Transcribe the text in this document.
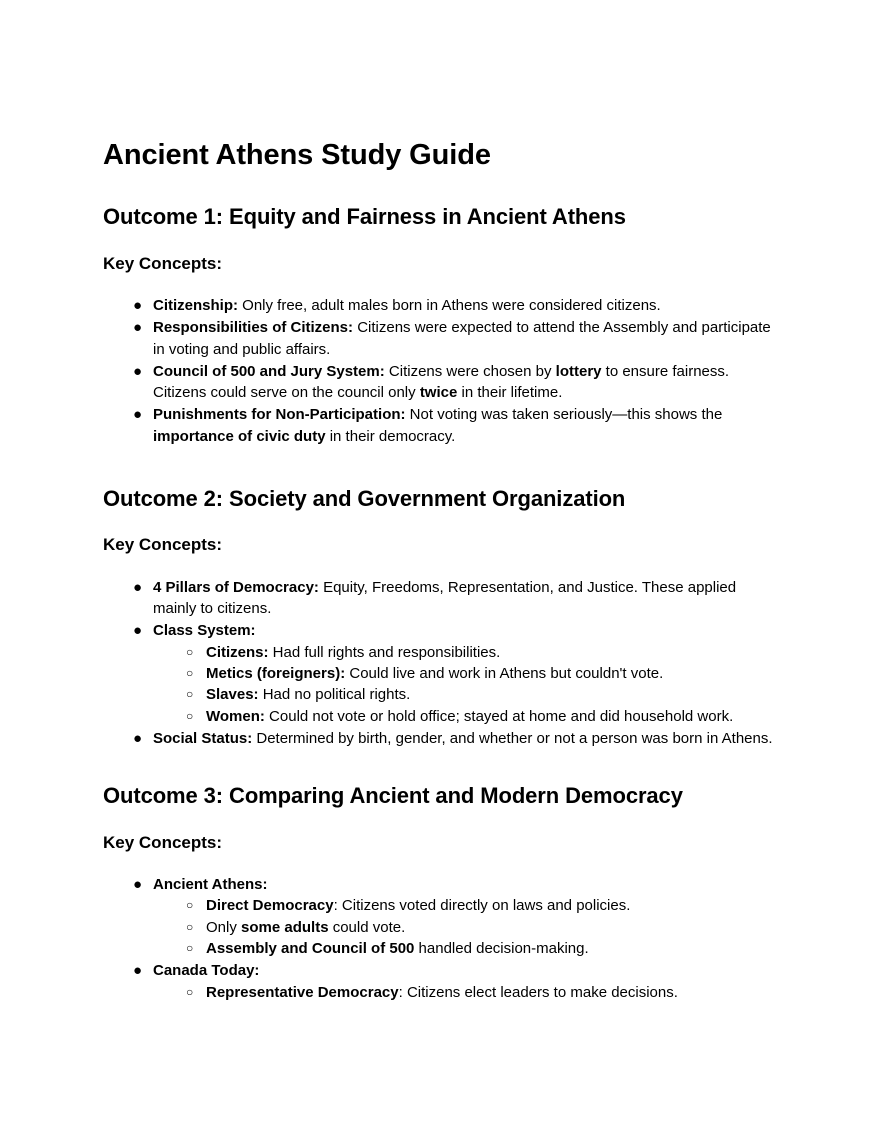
Ancient Athens Study Guide
Outcome 1: Equity and Fairness in Ancient Athens
Key Concepts:
● Citizenship: Only free, adult males born in Athens were considered citizens.
● Responsibilities of Citizens: Citizens were expected to attend the Assembly and participate in voting and public affairs.
● Council of 500 and Jury System: Citizens were chosen by lottery to ensure fairness. Citizens could serve on the council only twice in their lifetime.
● Punishments for Non-Participation: Not voting was taken seriously—this shows the importance of civic duty in their democracy.
Outcome 2: Society and Government Organization
Key Concepts:
● 4 Pillars of Democracy: Equity, Freedoms, Representation, and Justice. These applied mainly to citizens.
● Class System:
○ Citizens: Had full rights and responsibilities.
○ Metics (foreigners): Could live and work in Athens but couldn't vote.
○ Slaves: Had no political rights.
○ Women: Could not vote or hold office; stayed at home and did household work.
● Social Status: Determined by birth, gender, and whether or not a person was born in Athens.
Outcome 3: Comparing Ancient and Modern Democracy
Key Concepts:
● Ancient Athens:
○ Direct Democracy: Citizens voted directly on laws and policies.
○ Only some adults could vote.
○ Assembly and Council of 500 handled decision-making.
● Canada Today:
○ Representative Democracy: Citizens elect leaders to make decisions.
